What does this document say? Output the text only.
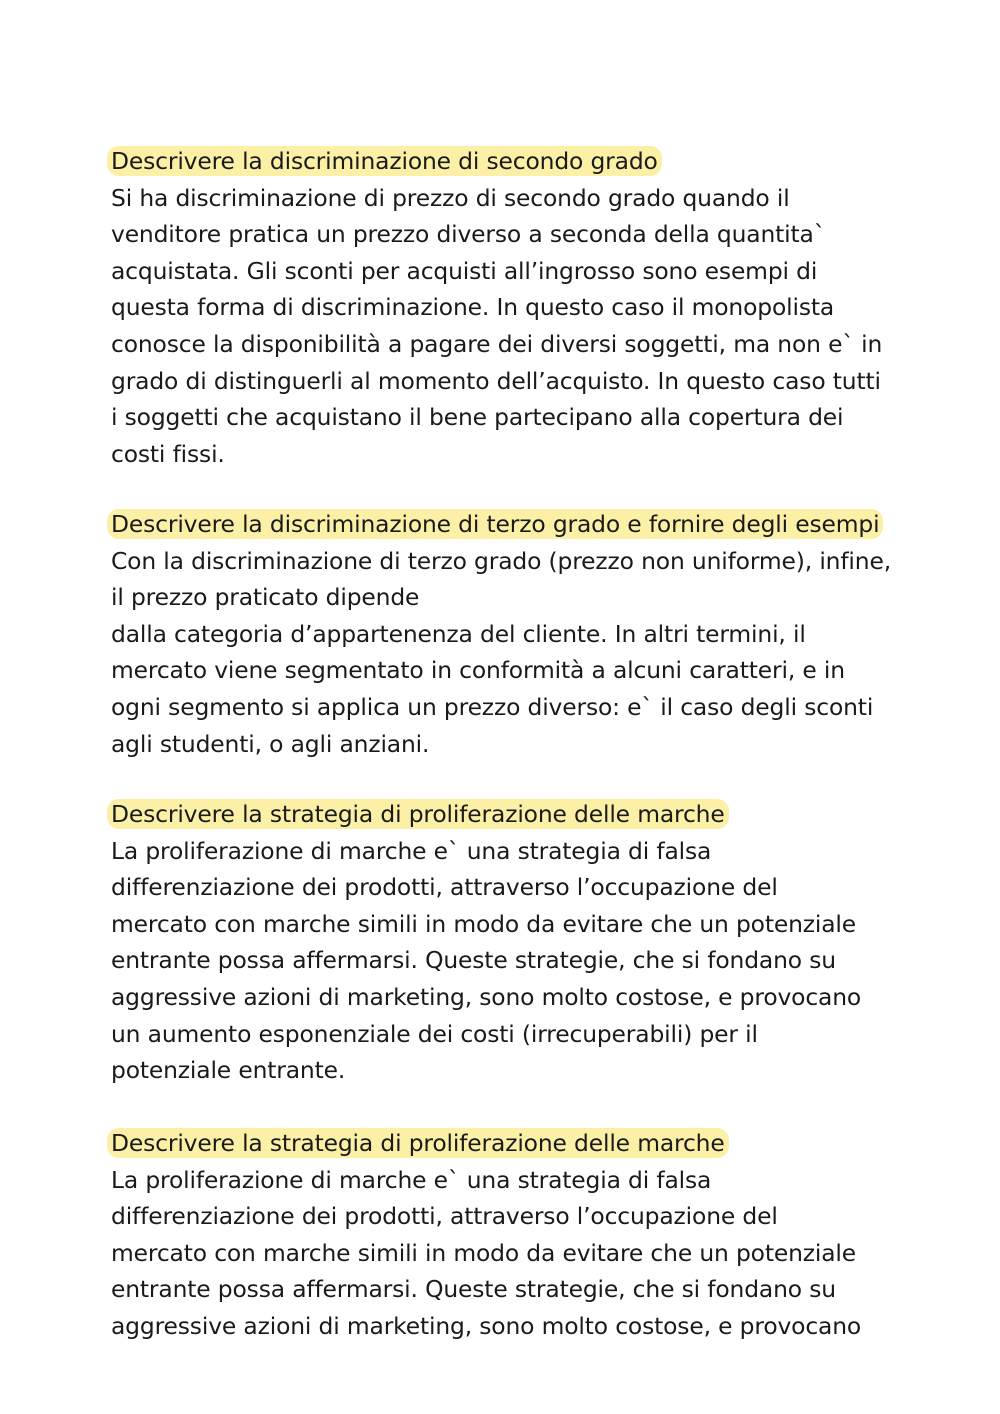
Descrivere la discriminazione di secondo grado

Si ha discriminazione di prezzo di secondo grado quando il

venditore pratica un prezzo diverso a seconda della quantita`

acquistata. Gli sconti per acquisti all’ingrosso sono esempi di

questa forma di discriminazione. In questo caso il monopolista

conosce la disponibilità a pagare dei diversi soggetti, ma non e` in

grado di distinguerli al momento dell’acquisto. In questo caso tutti

i soggetti che acquistano il bene partecipano alla copertura dei

costi fissi.

Descrivere la discriminazione di terzo grado e fornire degli esempi

Con la discriminazione di terzo grado (prezzo non uniforme), infine,

il prezzo praticato dipende

dalla categoria d’appartenenza del cliente. In altri termini, il

mercato viene segmentato in conformità a alcuni caratteri, e in

ogni segmento si applica un prezzo diverso: e` il caso degli sconti

agli studenti, o agli anziani.

Descrivere la strategia di proliferazione delle marche

La proliferazione di marche e` una strategia di falsa

differenziazione dei prodotti, attraverso l’occupazione del

mercato con marche simili in modo da evitare che un potenziale

entrante possa affermarsi. Queste strategie, che si fondano su

aggressive azioni di marketing, sono molto costose, e provocano

un aumento esponenziale dei costi (irrecuperabili) per il

potenziale entrante.

Descrivere la strategia di proliferazione delle marche

La proliferazione di marche e` una strategia di falsa

differenziazione dei prodotti, attraverso l’occupazione del

mercato con marche simili in modo da evitare che un potenziale

entrante possa affermarsi. Queste strategie, che si fondano su

aggressive azioni di marketing, sono molto costose, e provocano
